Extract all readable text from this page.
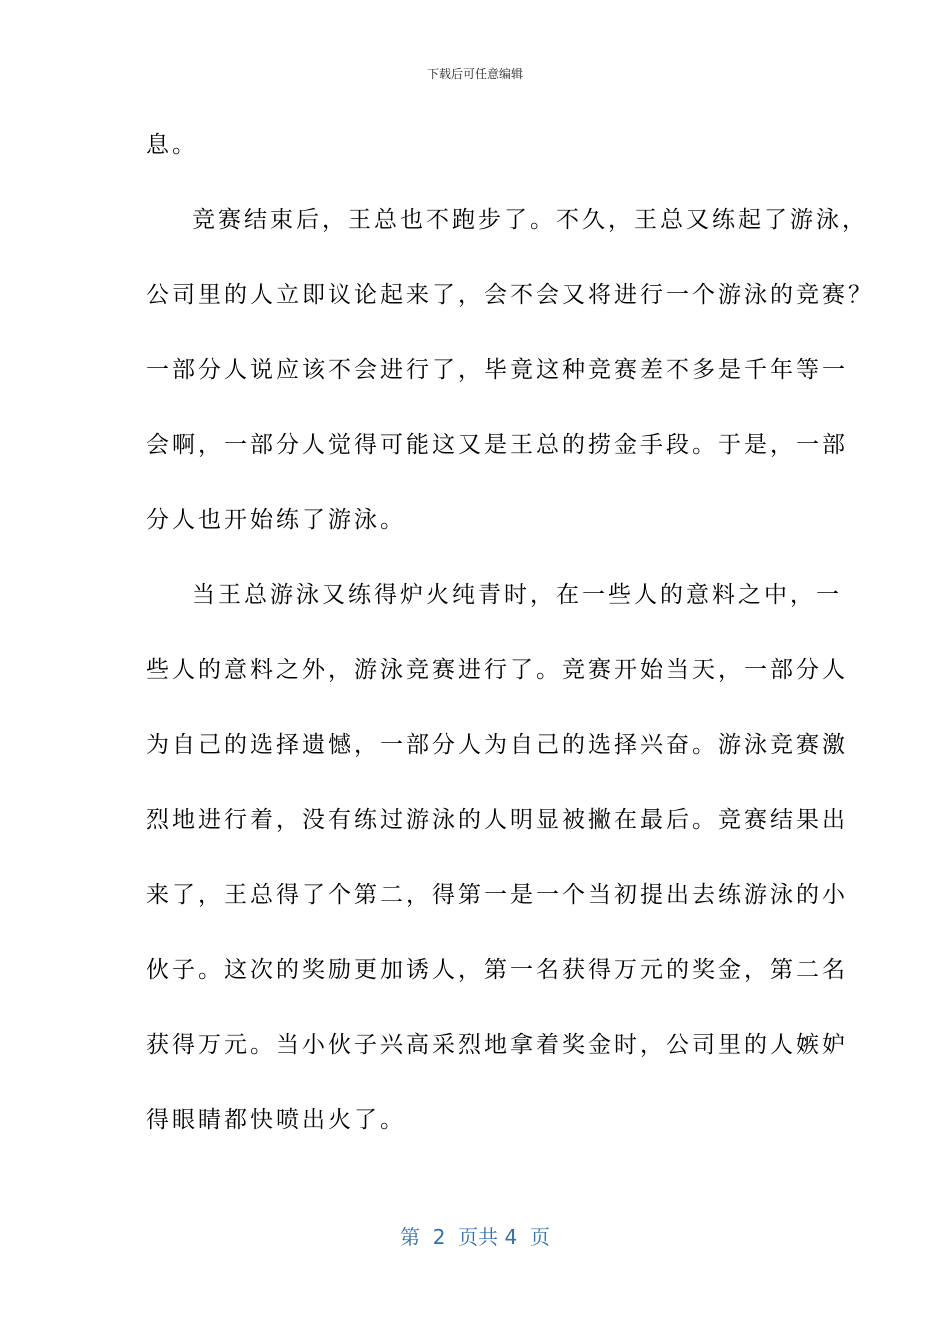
下载后可任意编辑
息。
竞赛结束后，王总也不跑步了。不久，王总又练起了游泳，
公司里的人立即议论起来了，会不会又将进行一个游泳的竞赛？
一部分人说应该不会进行了，毕竟这种竞赛差不多是千年等一
会啊，一部分人觉得可能这又是王总的捞金手段。于是，一部
分人也开始练了游泳。
当王总游泳又练得炉火纯青时，在一些人的意料之中，一
些人的意料之外，游泳竞赛进行了。竞赛开始当天，一部分人
为自己的选择遗憾，一部分人为自己的选择兴奋。游泳竞赛激
烈地进行着，没有练过游泳的人明显被撇在最后。竞赛结果出
来了，王总得了个第二，得第一是一个当初提出去练游泳的小
伙子。这次的奖励更加诱人，第一名获得万元的奖金，第二名
获得万元。当小伙子兴高采烈地拿着奖金时，公司里的人嫉妒
得眼睛都快喷出火了。
第  2  页共 4  页
